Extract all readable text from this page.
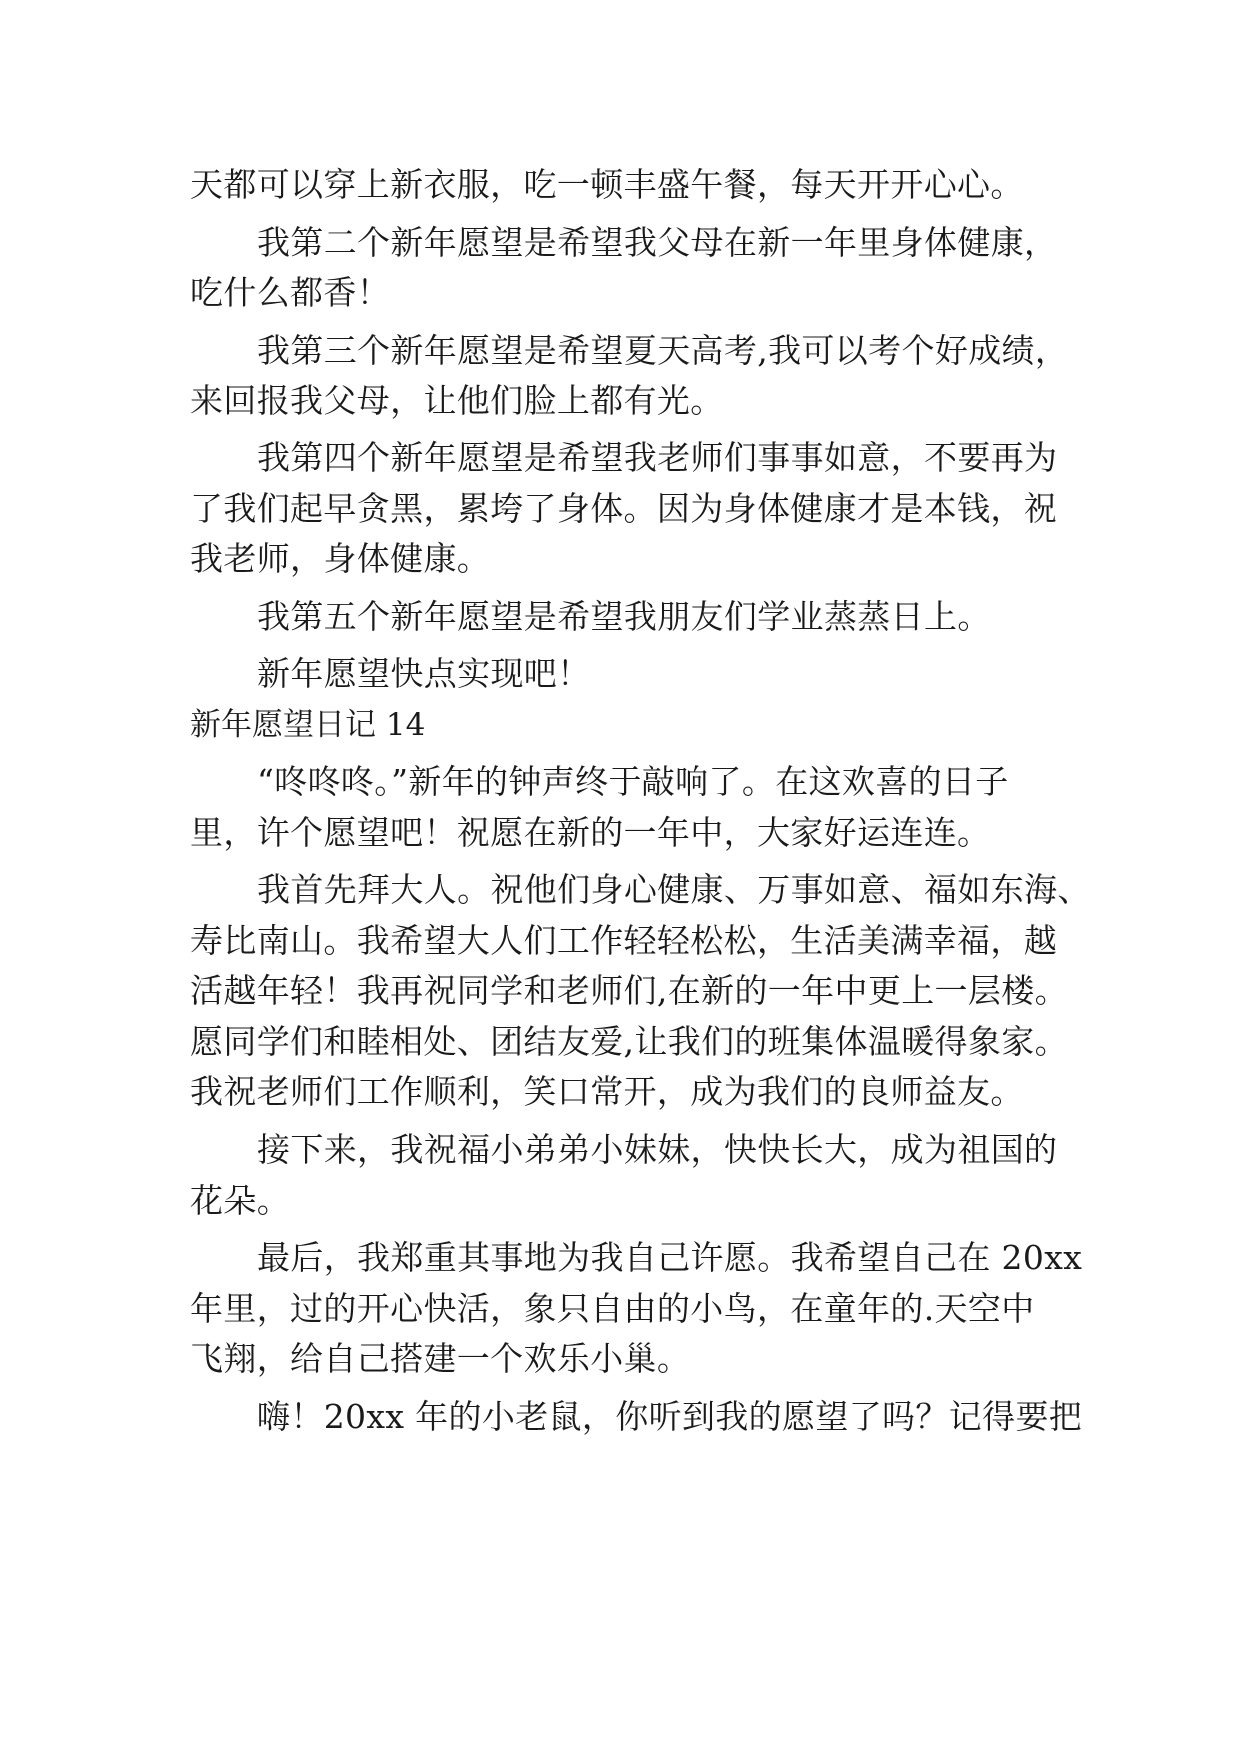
天都可以穿上新衣服，吃一顿丰盛午餐，每天开开心心。
我第二个新年愿望是希望我父母在新一年里身体健康，
吃什么都香！
我第三个新年愿望是希望夏天高考,我可以考个好成绩，
来回报我父母，让他们脸上都有光。
我第四个新年愿望是希望我老师们事事如意，不要再为
了我们起早贪黑，累垮了身体。因为身体健康才是本钱，祝
我老师，身体健康。
我第五个新年愿望是希望我朋友们学业蒸蒸日上。
新年愿望快点实现吧！
新年愿望日记 14
“咚咚咚。”新年的钟声终于敲响了。在这欢喜的日子
里，许个愿望吧！祝愿在新的一年中，大家好运连连。
我首先拜大人。祝他们身心健康、万事如意、福如东海、
寿比南山。我希望大人们工作轻轻松松，生活美满幸福，越
活越年轻！我再祝同学和老师们,在新的一年中更上一层楼。
愿同学们和睦相处、团结友爱,让我们的班集体温暖得象家。
我祝老师们工作顺利，笑口常开，成为我们的良师益友。
接下来，我祝福小弟弟小妹妹，快快长大，成为祖国的
花朵。
最后，我郑重其事地为我自己许愿。我希望自己在 20xx
年里，过的开心快活，象只自由的小鸟，在童年的.天空中
飞翔，给自己搭建一个欢乐小巢。
嗨！20xx 年的小老鼠，你听到我的愿望了吗？记得要把
